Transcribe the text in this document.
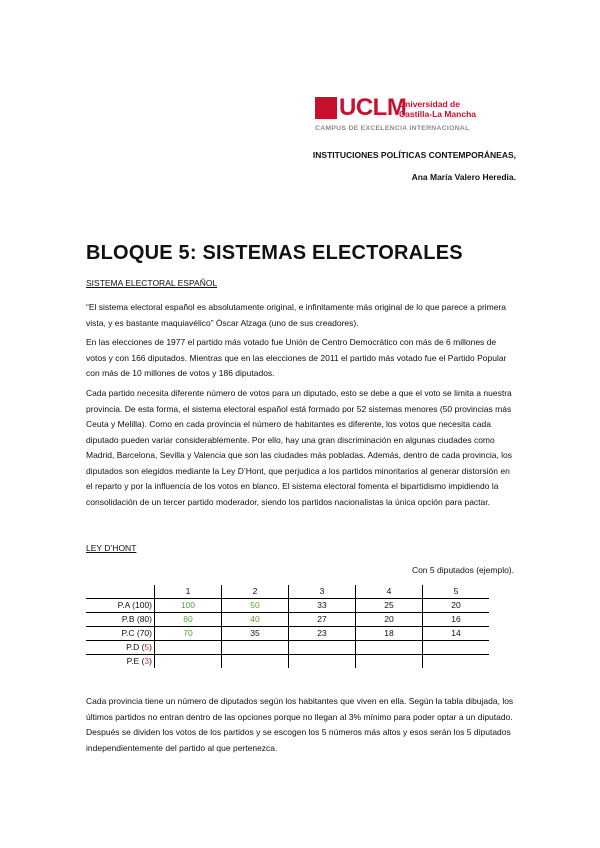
UCLM
Universidad de
Castilla-La Mancha
CAMPUS DE EXCELENCIA INTERNACIONAL
INSTITUCIONES POLÍTICAS CONTEMPORÁNEAS,
Ana María Valero Heredia.
BLOQUE 5: SISTEMAS ELECTORALES
SISTEMA ELECTORAL ESPAÑOL

“El sistema electoral español es absolutamente original, e infinitamente más original de lo que parece a primera vista, y es bastante maquiavélico” Óscar Alzaga (uno de sus creadores).

En las elecciones de 1977 el partido más votado fue Unión de Centro Democrático con más de 6 millones de votos y con 166 diputados. Mientras que en las elecciones de 2011 el partido más votado fue el Partido Popular con más de 10 millones de votos y 186 diputados.

Cada partido necesita diferente número de votos para un diputado, esto se debe a que el voto se limita a nuestra provincia. De esta forma, el sistema electoral español está formado por 52 sistemas menores (50 provincias más Ceuta y Melilla). Como en cada provincia el número de habitantes es diferente, los votos que necesita cada diputado pueden variar considerablemente. Por ello, hay una gran discriminación en algunas ciudades como Madrid, Barcelona, Sevilla y Valencia que son las ciudades más pobladas. Además, dentro de cada provincia, los diputados son elegidos mediante la Ley D’Hont, que perjudica a los partidos minoritarios al generar distorsión en el reparto y por la influencia de los votos en blanco. El sistema electoral fomenta el bipartidismo impidiendo la consolidación de un tercer partido moderador, siendo los partidos nacionalistas la única opción para pactar.

LEY D’HONT
Con 5 diputados (ejemplo).
	1	2	3	4	5
P.A (100)	100	50	33	25	20
P.B (80)	80	40	27	20	16
P.C (70)	70	35	23	18	14
P.D (5)					
P.E (3)					

Cada provincia tiene un número de diputados según los habitantes que viven en ella. Según la tabla dibujada, los últimos partidos no entran dentro de las opciones porque no llegan al 3% mínimo para poder optar a un diputado. Después se dividen los votos de los partidos y se escogen los 5 números más altos y esos serán los 5 diputados independientemente del partido al que pertenezca.
